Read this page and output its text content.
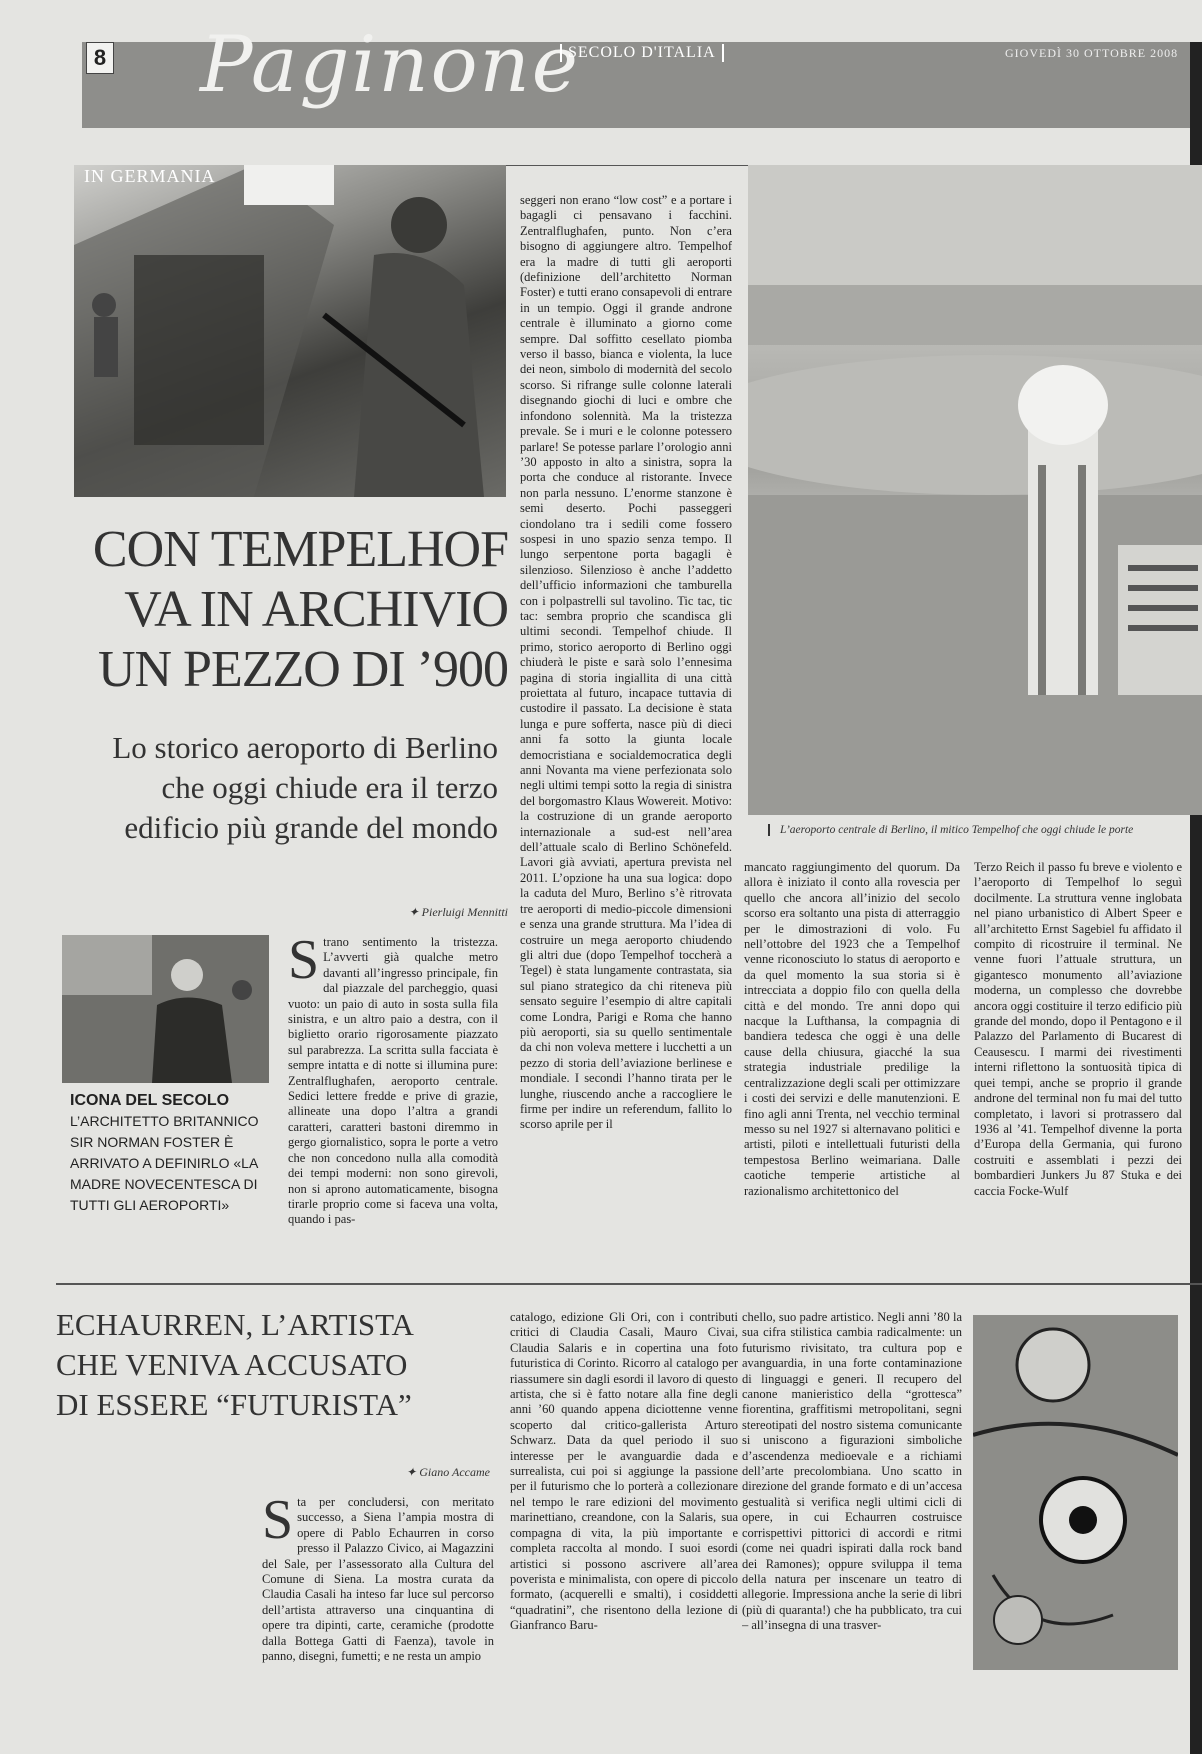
8 Paginone
SECOLO D'ITALIA	GIOVEDÌ 30 OTTOBRE 2008
IN GERMANIA
CON TEMPELHOF
VA IN ARCHIVIO
UN PEZZO DI ’900
Lo storico aeroporto di Berlino che oggi chiude era il terzo edificio più grande del mondo
✦ Pierluigi Mennitti
ICONA DEL SECOLO
L’ARCHITETTO BRITANNICO SIR NORMAN FOSTER È ARRIVATO A DEFINIRLO «LA MADRE NOVECENTESCA DI TUTTI GLI AEROPORTI»
Strano sentimento la tristezza. L’avverti già qualche metro davanti all’ingresso principale, fin dal piazzale del parcheggio, quasi vuoto: un paio di auto in sosta sulla fila sinistra, e un altro paio a destra, con il biglietto orario rigorosamente piazzato sul parabrezza. La scritta sulla facciata è sempre intatta e di notte si illumina pure: Zentralflughafen, aeroporto centrale. Sedici lettere fredde e prive di grazie, allineate una dopo l’altra a grandi caratteri, caratteri bastoni diremmo in gergo giornalistico, sopra le porte a vetro che non concedono nulla alla comodità dei tempi moderni: non sono girevoli, non si aprono automaticamente, bisogna tirarle proprio come si faceva una volta, quando i pas-
seggeri non erano “low cost” e a portare i bagagli ci pensavano i facchini. Zentralflughafen, punto. Non c’era bisogno di aggiungere altro. Tempelhof era la madre di tutti gli aeroporti (definizione dell’architetto Norman Foster) e tutti erano consapevoli di entrare in un tempio. Oggi il grande androne centrale è illuminato a giorno come sempre. Dal soffitto cesellato piomba verso il basso, bianca e violenta, la luce dei neon, simbolo di modernità del secolo scorso. Si rifrange sulle colonne laterali disegnando giochi di luci e ombre che infondono solennità. Ma la tristezza prevale. Se i muri e le colonne potessero parlare! Se potesse parlare l’orologio anni ’30 apposto in alto a sinistra, sopra la porta che conduce al ristorante. Invece non parla nessuno. L’enorme stanzone è semi deserto. Pochi passeggeri ciondolano tra i sedili come fossero sospesi in uno spazio senza tempo. Il lungo serpentone porta bagagli è silenzioso. Silenzioso è anche l’addetto dell’ufficio informazioni che tamburella con i polpastrelli sul tavolino. Tic tac, tic tac: sembra proprio che scandisca gli ultimi secondi. Tempelhof chiude. Il primo, storico aeroporto di Berlino oggi chiuderà le piste e sarà solo l’ennesima pagina di storia ingiallita di una città proiettata al futuro, incapace tuttavia di custodire il passato. La decisione è stata lunga e pure sofferta, nasce più di dieci anni fa sotto la giunta locale democristiana e socialdemocratica degli anni Novanta ma viene perfezionata solo negli ultimi tempi sotto la regia di sinistra del borgomastro Klaus Wowereit. Motivo: la costruzione di un grande aeroporto internazionale a sud-est nell’area dell’attuale scalo di Berlino Schönefeld. Lavori già avviati, apertura prevista nel 2011. L’opzione ha una sua logica: dopo la caduta del Muro, Berlino s’è ritrovata tre aeroporti di medio-piccole dimensioni e senza una grande struttura. Ma l’idea di costruire un mega aeroporto chiudendo gli altri due (dopo Tempelhof toccherà a Tegel) è stata lungamente contrastata, sia sul piano strategico da chi riteneva più sensato seguire l’esempio di altre capitali come Londra, Parigi e Roma che hanno più aeroporti, sia su quello sentimentale da chi non voleva mettere i lucchetti a un pezzo di storia dell’aviazione berlinese e mondiale. I secondi l’hanno tirata per le lunghe, riuscendo anche a raccogliere le firme per indire un referendum, fallito lo scorso aprile per il
L’aeroporto centrale di Berlino, il mitico Tempelhof che oggi chiude le porte
mancato raggiungimento del quorum. Da allora è iniziato il conto alla rovescia per quello che ancora all’inizio del secolo scorso era soltanto una pista di atterraggio per le dimostrazioni di volo. Fu nell’ottobre del 1923 che a Tempelhof venne riconosciuto lo status di aeroporto e da quel momento la sua storia si è intrecciata a doppio filo con quella della città e del mondo. Tre anni dopo qui nacque la Lufthansa, la compagnia di bandiera tedesca che oggi è una delle cause della chiusura, giacché la sua strategia industriale predilige la centralizzazione degli scali per ottimizzare i costi dei servizi e delle manutenzioni. E fino agli anni Trenta, nel vecchio terminal messo su nel 1927 si alternavano politici e artisti, piloti e intellettuali futuristi della tempestosa Berlino weimariana. Dalle caotiche temperie artistiche al razionalismo architettonico del
Terzo Reich il passo fu breve e violento e l’aeroporto di Tempelhof lo seguì docilmente. La struttura venne inglobata nel piano urbanistico di Albert Speer e all’architetto Ernst Sagebiel fu affidato il compito di ricostruire il terminal. Ne venne fuori l’attuale struttura, un gigantesco monumento all’aviazione moderna, un complesso che dovrebbe ancora oggi costituire il terzo edificio più grande del mondo, dopo il Pentagono e il Palazzo del Parlamento di Bucarest di Ceausescu. I marmi dei rivestimenti interni riflettono la sontuosità tipica di quei tempi, anche se proprio il grande androne del terminal non fu mai del tutto completato, i lavori si protrassero dal 1936 al ’41. Tempelhof divenne la porta d’Europa della Germania, qui furono costruiti e assemblati i pezzi dei bombardieri Junkers Ju 87 Stuka e dei caccia Focke-Wulf
ECHAURREN, L’ARTISTA
CHE VENIVA ACCUSATO
DI ESSERE “FUTURISTA”
✦ Giano Accame
Sta per concludersi, con meritato successo, a Siena l’ampia mostra di opere di Pablo Echaurren in corso presso il Palazzo Civico, ai Magazzini del Sale, per l’assessorato alla Cultura del Comune di Siena. La mostra curata da Claudia Casali ha inteso far luce sul percorso dell’artista attraverso una cinquantina di opere tra dipinti, carte, ceramiche (prodotte dalla Bottega Gatti di Faenza), tavole in panno, disegni, fumetti; e ne resta un ampio
catalogo, edizione Gli Ori, con i contributi critici di Claudia Casali, Mauro Civai, Claudia Salaris e in copertina una foto futuristica di Corinto. Ricorro al catalogo per riassumere sin dagli esordi il lavoro di questo artista, che si è fatto notare alla fine degli anni ’60 quando appena diciottenne venne scoperto dal critico-gallerista Arturo Schwarz. Data da quel periodo il suo interesse per le avanguardie dada e surrealista, cui poi si aggiunge la passione per il futurismo che lo porterà a collezionare nel tempo le rare edizioni del movimento marinettiano, creandone, con la Salaris, sua compagna di vita, la più importante e completa raccolta al mondo. I suoi esordi artistici si possono ascrivere all’area poverista e minimalista, con opere di piccolo formato, (acquerelli e smalti), i cosiddetti “quadratini”, che risentono della lezione di Gianfranco Baru-
chello, suo padre artistico. Negli anni ’80 la sua cifra stilistica cambia radicalmente: un futurismo rivisitato, tra cultura pop e avanguardia, in una forte contaminazione di linguaggi e generi. Il recupero del canone manieristico della “grottesca” fiorentina, graffitismi metropolitani, segni stereotipati del nostro sistema comunicante si uniscono a figurazioni simboliche d’ascendenza medioevale e a richiami dell’arte precolombiana. Uno scatto in direzione del grande formato e di un’accesa gestualità si verifica negli ultimi cicli di opere, in cui Echaurren costruisce corrispettivi pittorici di accordi e ritmi (come nei quadri ispirati dalla rock band dei Ramones); oppure sviluppa il tema della natura per inscenare un teatro di allegorie. Impressiona anche la serie di libri (più di quaranta!) che ha pubblicato, tra cui – all’insegna di una trasver-
